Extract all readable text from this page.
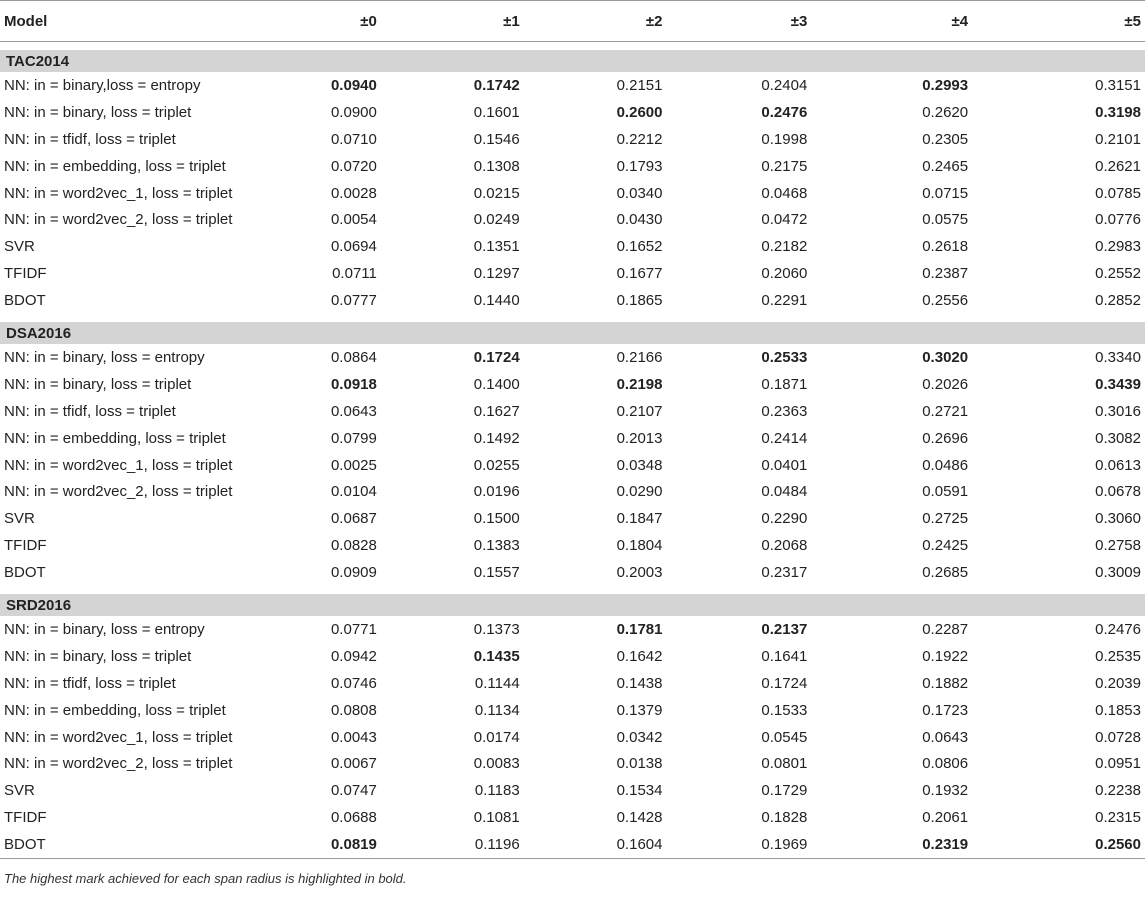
Model	±0	±1	±2	±3	±4	±5

TAC2014						
NN: in = binary,loss = entropy	0.0940	0.1742	0.2151	0.2404	0.2993	0.3151
NN: in = binary, loss = triplet	0.0900	0.1601	0.2600	0.2476	0.2620	0.3198
NN: in = tfidf, loss = triplet	0.0710	0.1546	0.2212	0.1998	0.2305	0.2101
NN: in = embedding, loss = triplet	0.0720	0.1308	0.1793	0.2175	0.2465	0.2621
NN: in = word2vec_1, loss = triplet	0.0028	0.0215	0.0340	0.0468	0.0715	0.0785
NN: in = word2vec_2, loss = triplet	0.0054	0.0249	0.0430	0.0472	0.0575	0.0776
SVR	0.0694	0.1351	0.1652	0.2182	0.2618	0.2983
TFIDF	0.0711	0.1297	0.1677	0.2060	0.2387	0.2552
BDOT	0.0777	0.1440	0.1865	0.2291	0.2556	0.2852

DSA2016						
NN: in = binary, loss = entropy	0.0864	0.1724	0.2166	0.2533	0.3020	0.3340
NN: in = binary, loss = triplet	0.0918	0.1400	0.2198	0.1871	0.2026	0.3439
NN: in = tfidf, loss = triplet	0.0643	0.1627	0.2107	0.2363	0.2721	0.3016
NN: in = embedding, loss = triplet	0.0799	0.1492	0.2013	0.2414	0.2696	0.3082
NN: in = word2vec_1, loss = triplet	0.0025	0.0255	0.0348	0.0401	0.0486	0.0613
NN: in = word2vec_2, loss = triplet	0.0104	0.0196	0.0290	0.0484	0.0591	0.0678
SVR	0.0687	0.1500	0.1847	0.2290	0.2725	0.3060
TFIDF	0.0828	0.1383	0.1804	0.2068	0.2425	0.2758
BDOT	0.0909	0.1557	0.2003	0.2317	0.2685	0.3009

SRD2016						
NN: in = binary, loss = entropy	0.0771	0.1373	0.1781	0.2137	0.2287	0.2476
NN: in = binary, loss = triplet	0.0942	0.1435	0.1642	0.1641	0.1922	0.2535
NN: in = tfidf, loss = triplet	0.0746	0.1144	0.1438	0.1724	0.1882	0.2039
NN: in = embedding, loss = triplet	0.0808	0.1134	0.1379	0.1533	0.1723	0.1853
NN: in = word2vec_1, loss = triplet	0.0043	0.0174	0.0342	0.0545	0.0643	0.0728
NN: in = word2vec_2, loss = triplet	0.0067	0.0083	0.0138	0.0801	0.0806	0.0951
SVR	0.0747	0.1183	0.1534	0.1729	0.1932	0.2238
TFIDF	0.0688	0.1081	0.1428	0.1828	0.2061	0.2315
BDOT	0.0819	0.1196	0.1604	0.1969	0.2319	0.2560
The highest mark achieved for each span radius is highlighted in bold.
